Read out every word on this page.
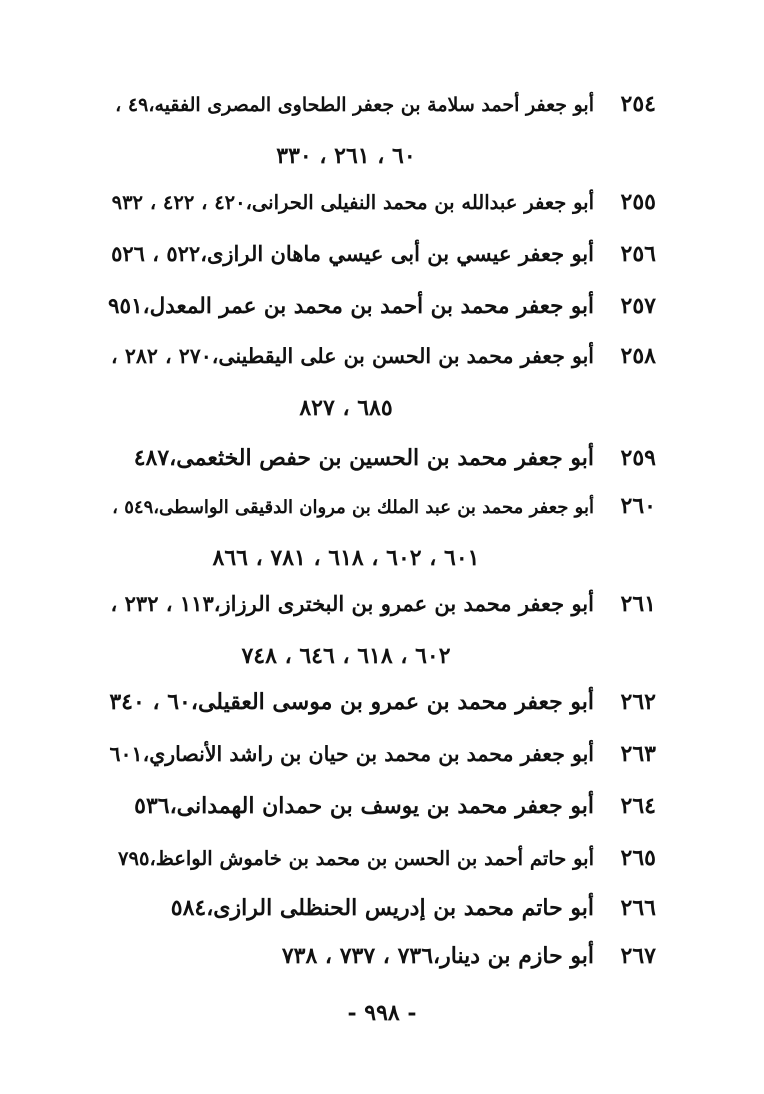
٢٥٤
أبو جعفر أحمد سلامة بن جعفر الطحاوى المصرى الفقيه،٤٩ ،
٦٠ ، ٢٦١ ، ٣٣٠
٢٥٥
أبو جعفر عبدالله بن محمد النفيلى الحرانى،٤٢٠ ، ٤٢٢ ، ٩٣٢
٢٥٦
أبو جعفر عيسي بن أبى عيسي ماهان الرازى،٥٢٢ ، ٥٢٦
٢٥٧
أبو جعفر محمد بن أحمد بن محمد بن عمر المعدل،٩٥١
٢٥٨
أبو جعفر محمد بن الحسن بن على اليقطينى،٢٧٠ ، ٢٨٢ ،
٦٨٥ ، ٨٢٧
٢٥٩
أبو جعفر محمد بن الحسين بن حفص الخثعمى،٤٨٧
٢٦٠
أبو جعفر محمد بن عبد الملك بن مروان الدقيقى الواسطى،٥٤٩ ،
٦٠١ ، ٦٠٢ ، ٦١٨ ، ٧٨١ ، ٨٦٦
٢٦١
أبو جعفر محمد بن عمرو بن البخترى الرزاز،١١٣ ، ٢٣٢ ،
٦٠٢ ، ٦١٨ ، ٦٤٦ ، ٧٤٨
٢٦٢
أبو جعفر محمد بن عمرو بن موسى العقيلى،٦٠ ، ٣٤٠
٢٦٣
أبو جعفر محمد بن محمد بن حيان بن راشد الأنصاري،٦٠١
٢٦٤
أبو جعفر محمد بن يوسف بن حمدان الهمدانى،٥٣٦
٢٦٥
أبو حاتم أحمد بن الحسن بن محمد بن خاموش الواعظ،٧٩٥
٢٦٦
أبو حاتم محمد بن إدريس الحنظلى الرازى،٥٨٤
٢٦٧
أبو حازم بن دينار،٧٣٦ ، ٧٣٧ ، ٧٣٨
- ٩٩٨ -
